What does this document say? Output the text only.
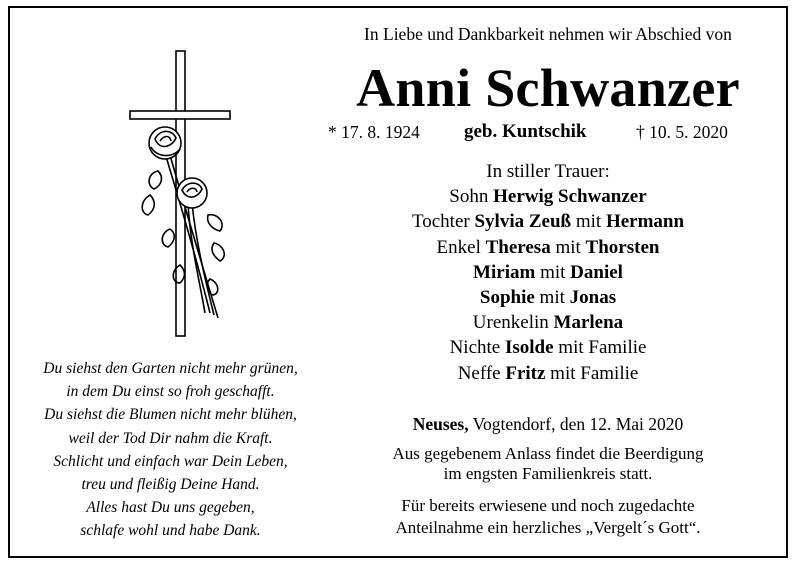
Du siehst den Garten nicht mehr grünen,
in dem Du einst so froh geschafft.
Du siehst die Blumen nicht mehr blühen,
weil der Tod Dir nahm die Kraft.
Schlicht und einfach war Dein Leben,
treu und fleißig Deine Hand.
Alles hast Du uns gegeben,
schlafe wohl und habe Dank.
In Liebe und Dankbarkeit nehmen wir Abschied von
Anni Schwanzer
* 17. 8. 1924 geb. Kuntschik	† 10. 5. 2020
In stiller Trauer:
Sohn Herwig Schwanzer
Tochter Sylvia Zeuß mit Hermann
Enkel Theresa mit Thorsten
Miriam mit Daniel
Sophie mit Jonas
Urenkelin Marlena
Nichte Isolde mit Familie
Neffe Fritz mit Familie
Neuses, Vogtendorf, den 12. Mai 2020
Aus gegebenem Anlass findet die Beerdigung
im engsten Familienkreis statt.
Für bereits erwiesene und noch zugedachte
Anteilnahme ein herzliches „Vergelt´s Gott“.
